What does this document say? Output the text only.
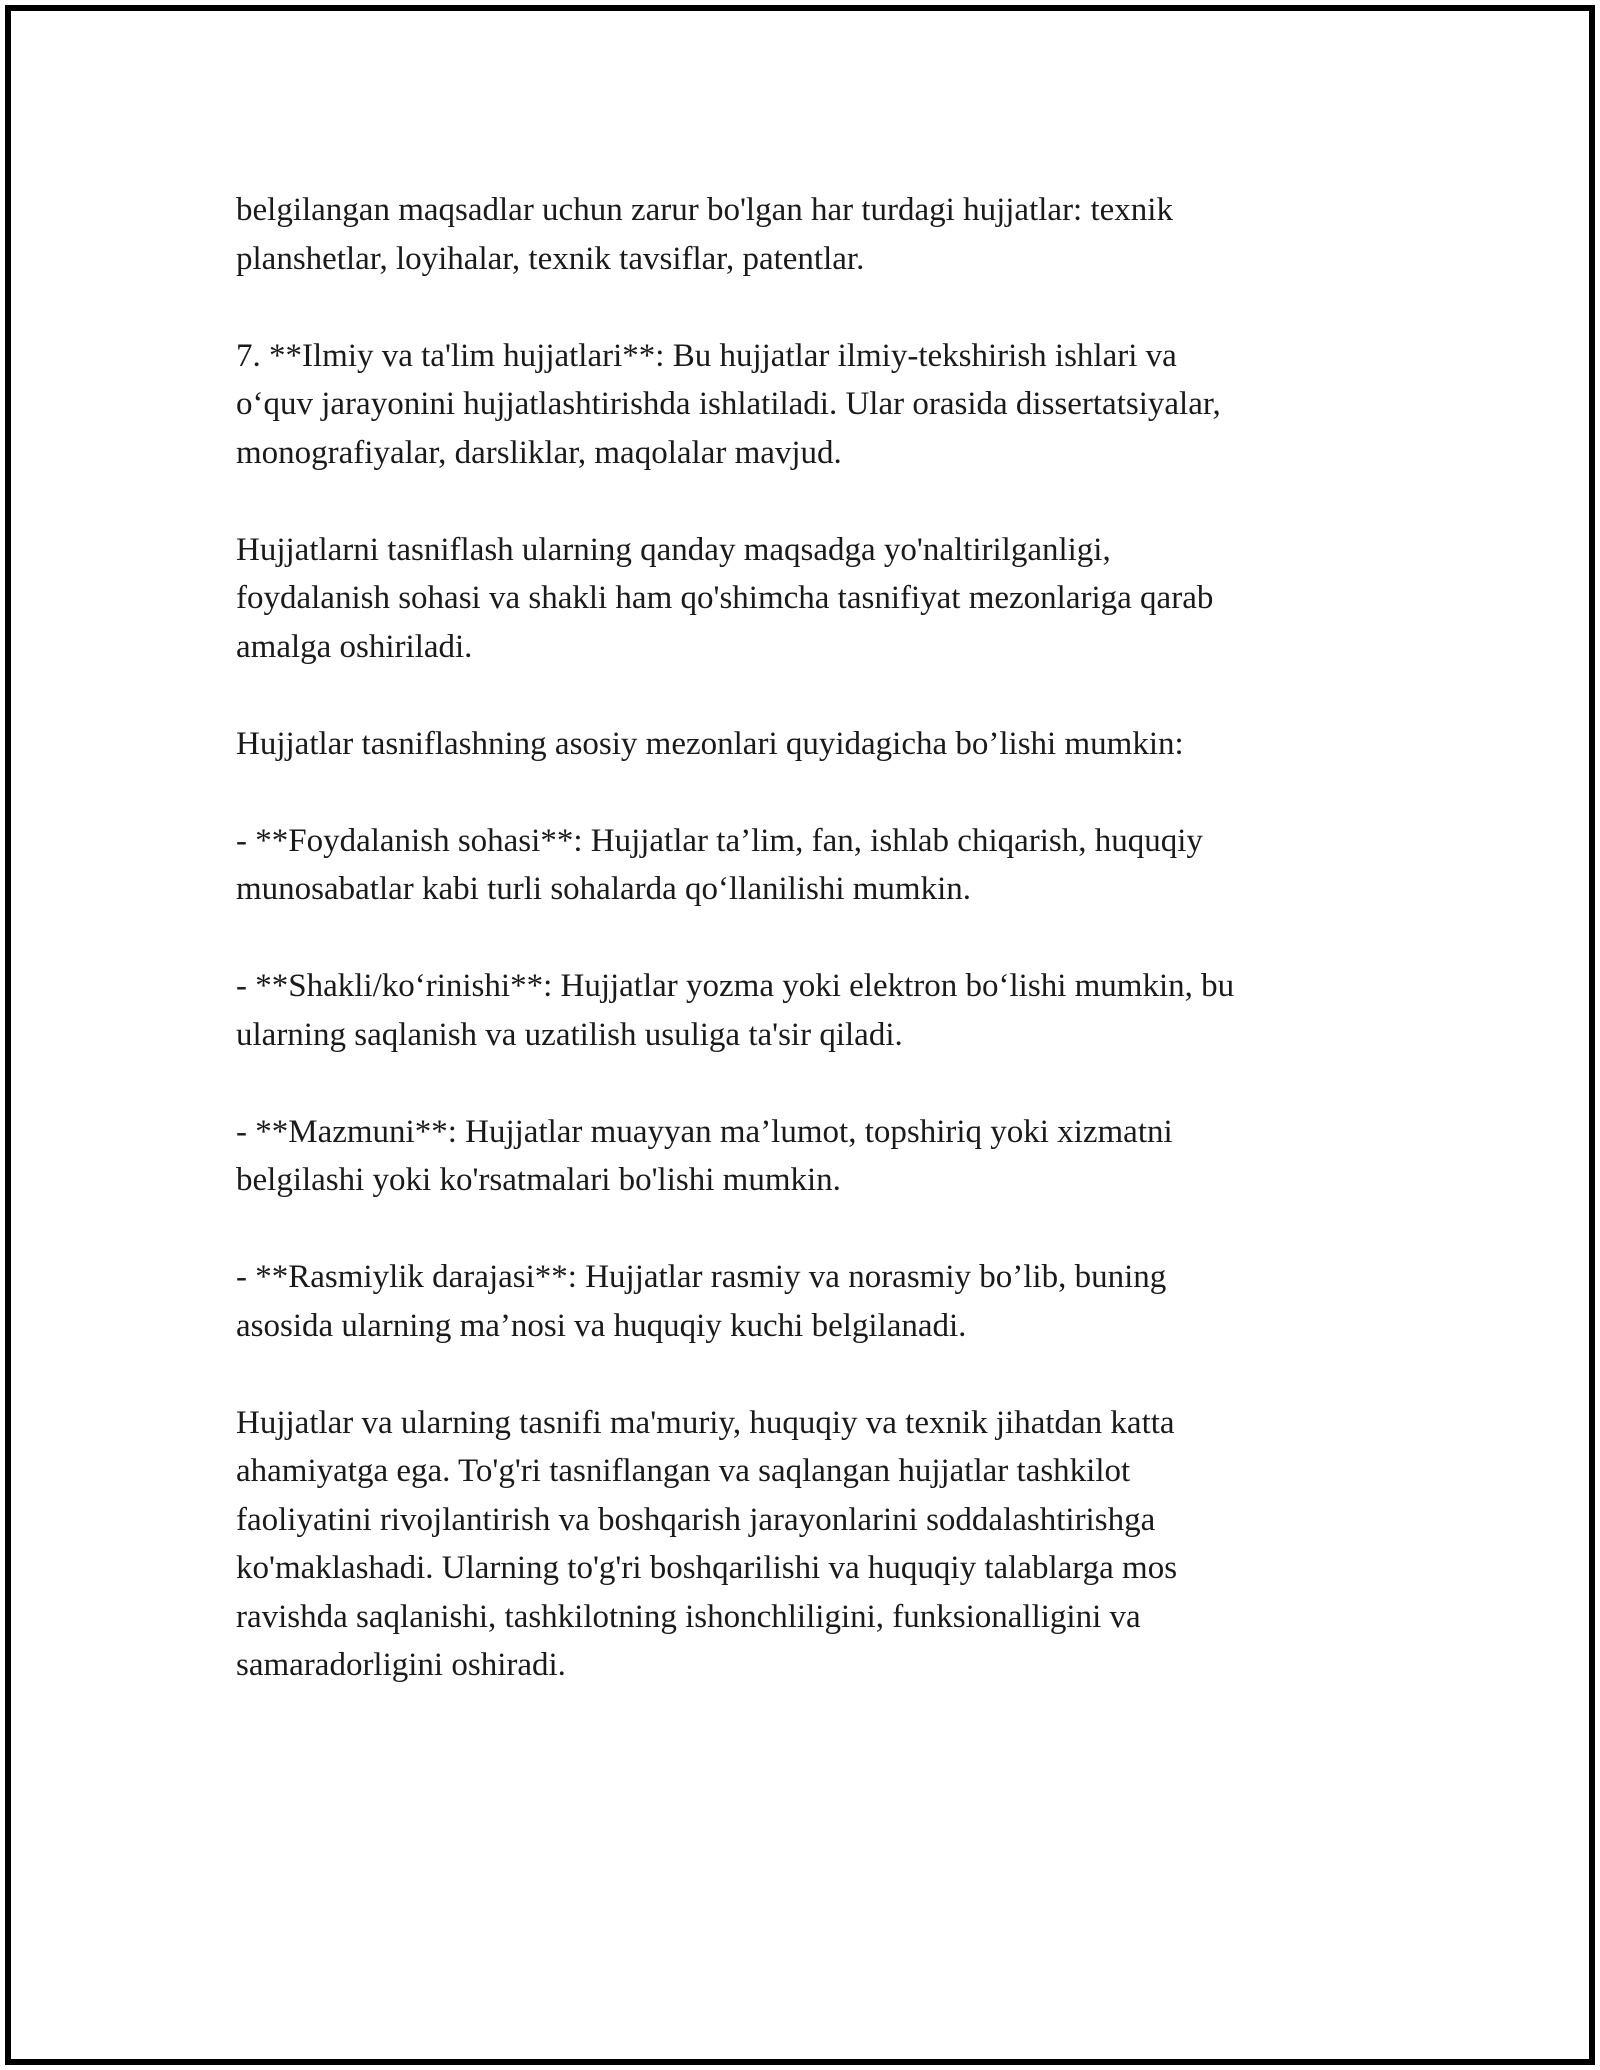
belgilangan maqsadlar uchun zarur bo'lgan har turdagi hujjatlar: texnik
planshetlar, loyihalar, texnik tavsiflar, patentlar.

7. **Ilmiy va ta'lim hujjatlari**: Bu hujjatlar ilmiy-tekshirish ishlari va
o‘quv jarayonini hujjatlashtirishda ishlatiladi. Ular orasida dissertatsiyalar,
monografiyalar, darsliklar, maqolalar mavjud.

Hujjatlarni tasniflash ularning qanday maqsadga yo'naltirilganligi,
foydalanish sohasi va shakli ham qo'shimcha tasnifiyat mezonlariga qarab
amalga oshiriladi.

Hujjatlar tasniflashning asosiy mezonlari quyidagicha bo’lishi mumkin:

- **Foydalanish sohasi**: Hujjatlar ta’lim, fan, ishlab chiqarish, huquqiy
munosabatlar kabi turli sohalarda qo‘llanilishi mumkin.

- **Shakli/ko‘rinishi**: Hujjatlar yozma yoki elektron bo‘lishi mumkin, bu
ularning saqlanish va uzatilish usuliga ta'sir qiladi.

- **Mazmuni**: Hujjatlar muayyan ma’lumot, topshiriq yoki xizmatni
belgilashi yoki ko'rsatmalari bo'lishi mumkin.

- **Rasmiylik darajasi**: Hujjatlar rasmiy va norasmiy bo’lib, buning
asosida ularning ma’nosi va huquqiy kuchi belgilanadi.

Hujjatlar va ularning tasnifi ma'muriy, huquqiy va texnik jihatdan katta
ahamiyatga ega. To'g'ri tasniflangan va saqlangan hujjatlar tashkilot
faoliyatini rivojlantirish va boshqarish jarayonlarini soddalashtirishga
ko'maklashadi. Ularning to'g'ri boshqarilishi va huquqiy talablarga mos
ravishda saqlanishi, tashkilotning ishonchliligini, funksionalligini va
samaradorligini oshiradi.
